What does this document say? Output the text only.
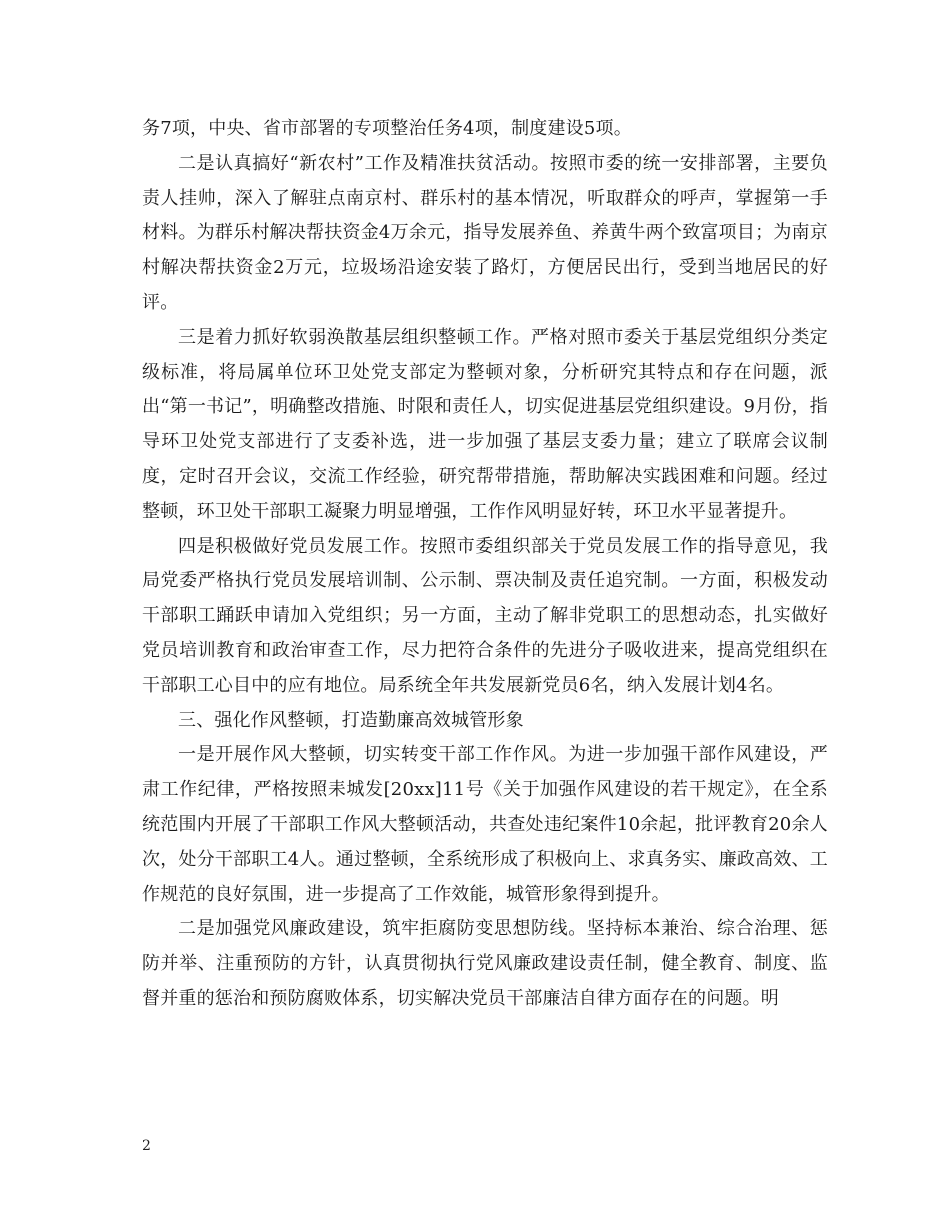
务7项，中央、省市部署的专项整治任务4项，制度建设5项。

二是认真搞好“新农村”工作及精准扶贫活动。按照市委的统一安排部署，主要负责人挂帅，深入了解驻点南京村、群乐村的基本情况，听取群众的呼声，掌握第一手材料。为群乐村解决帮扶资金4万余元，指导发展养鱼、养黄牛两个致富项目；为南京村解决帮扶资金2万元，垃圾场沿途安装了路灯，方便居民出行，受到当地居民的好评。

三是着力抓好软弱涣散基层组织整顿工作。严格对照市委关于基层党组织分类定级标准，将局属单位环卫处党支部定为整顿对象，分析研究其特点和存在问题，派出“第一书记”，明确整改措施、时限和责任人，切实促进基层党组织建设。9月份，指导环卫处党支部进行了支委补选，进一步加强了基层支委力量；建立了联席会议制度，定时召开会议，交流工作经验，研究帮带措施，帮助解决实践困难和问题。经过整顿，环卫处干部职工凝聚力明显增强，工作作风明显好转，环卫水平显著提升。

四是积极做好党员发展工作。按照市委组织部关于党员发展工作的指导意见，我局党委严格执行党员发展培训制、公示制、票决制及责任追究制。一方面，积极发动干部职工踊跃申请加入党组织；另一方面，主动了解非党职工的思想动态，扎实做好党员培训教育和政治审查工作，尽力把符合条件的先进分子吸收进来，提高党组织在干部职工心目中的应有地位。局系统全年共发展新党员6名，纳入发展计划4名。

三、强化作风整顿，打造勤廉高效城管形象

一是开展作风大整顿，切实转变干部工作作风。为进一步加强干部作风建设，严肃工作纪律，严格按照耒城发[20xx]11号《关于加强作风建设的若干规定》，在全系统范围内开展了干部职工作风大整顿活动，共查处违纪案件10余起，批评教育20余人次，处分干部职工4人。通过整顿，全系统形成了积极向上、求真务实、廉政高效、工作规范的良好氛围，进一步提高了工作效能，城管形象得到提升。

二是加强党风廉政建设，筑牢拒腐防变思想防线。坚持标本兼治、综合治理、惩防并举、注重预防的方针，认真贯彻执行党风廉政建设责任制，健全教育、制度、监督并重的惩治和预防腐败体系，切实解决党员干部廉洁自律方面存在的问题。明

2
